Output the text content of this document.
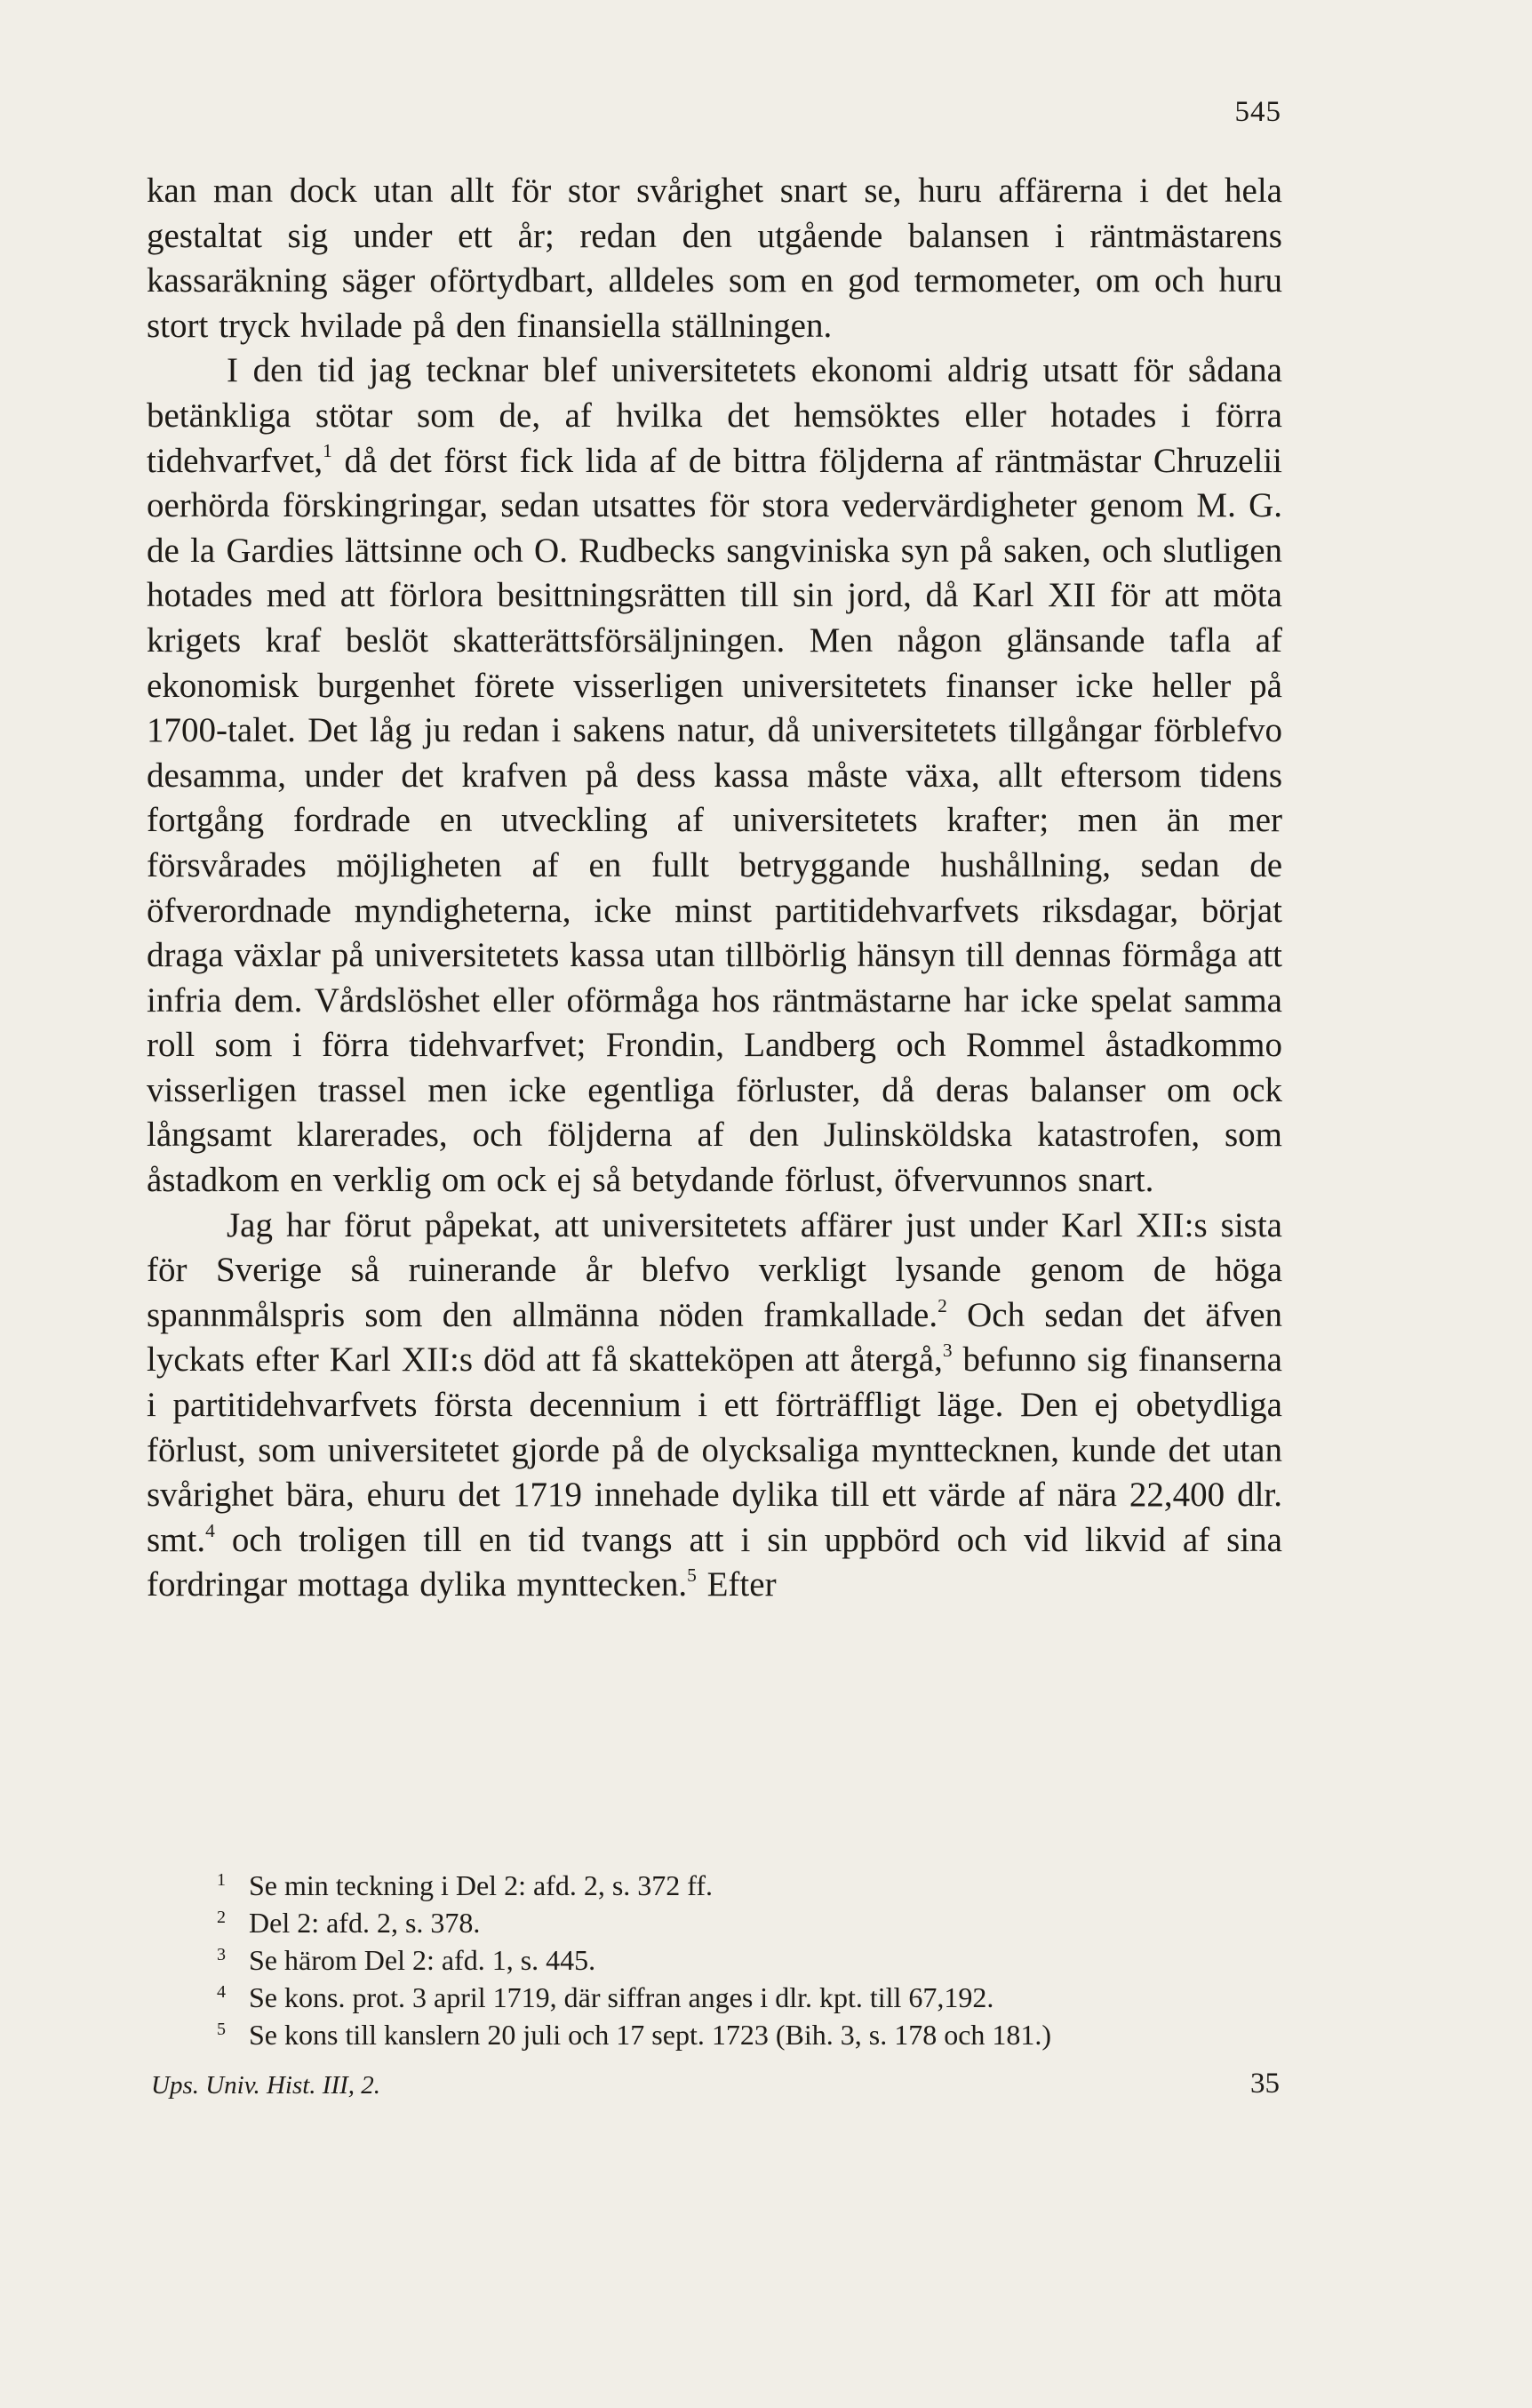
545

kan man dock utan allt för stor svårighet snart se, huru affärerna i det hela gestaltat sig under ett år; redan den utgående balansen i räntmästarens kassaräkning säger oförtydbart, alldeles som en god termometer, om och huru stort tryck hvilade på den finansiella ställningen.

I den tid jag tecknar blef universitetets ekonomi aldrig utsatt för sådana betänkliga stötar som de, af hvilka det hemsöktes eller hotades i förra tidehvarfvet,$^1$ då det först fick lida af de bittra följderna af räntmästar Chruzelii oerhörda förskingringar, sedan utsattes för stora vedervärdigheter genom M. G. de la Gardies lättsinne och O. Rudbecks sangviniska syn på saken, och slutligen hotades med att förlora besittningsrätten till sin jord, då Karl XII för att möta krigets kraf beslöt skatterättsförsäljningen. Men någon glänsande tafla af ekonomisk burgenhet förete visserligen universitetets finanser icke heller på 1700-talet. Det låg ju redan i sakens natur, då universitetets tillgångar förblefvo desamma, under det krafven på dess kassa måste växa, allt eftersom tidens fortgång fordrade en utveckling af universitetets krafter; men än mer försvårades möjligheten af en fullt betryggande hushållning, sedan de öfverordnade myndigheterna, icke minst partitidehvarfvets riksdagar, börjat draga växlar på universitetets kassa utan tillbörlig hänsyn till dennas förmåga att infria dem. Vårdslöshet eller oförmåga hos räntmästarne har icke spelat samma roll som i förra tidehvarfvet; Frondin, Landberg och Rommel åstadkommo visserligen trassel men icke egentliga förluster, då deras balanser om ock långsamt klarerades, och följderna af den Julinsköldska katastrofen, som åstadkom en verklig om ock ej så betydande förlust, öfvervunnos snart.

Jag har förut påpekat, att universitetets affärer just under Karl XII:s sista för Sverige så ruinerande år blefvo verkligt lysande genom de höga spannmålspris som den allmänna nöden framkallade.$^2$ Och sedan det äfven lyckats efter Karl XII:s död att få skatteköpen att återgå,$^3$ befunno sig finanserna i partitidehvarfvets första decennium i ett förträffligt läge. Den ej obetydliga förlust, som universitetet gjorde på de olycksaliga mynttecknen, kunde det utan svårighet bära, ehuru det 1719 innehade dylika till ett värde af nära 22,400 dlr. smt.$^4$ och troligen till en tid tvangs att i sin uppbörd och vid likvid af sina fordringar mottaga dylika mynttecken.$^5$ Efter

1 Se min teckning i Del 2: afd. 2, s. 372 ff.
2 Del 2: afd. 2, s. 378.
3 Se härom Del 2: afd. 1, s. 445.
4 Se kons. prot. 3 april 1719, där siffran anges i dlr. kpt. till 67,192.
5 Se kons till kanslern 20 juli och 17 sept. 1723 (Bih. 3, s. 178 och 181.)
Ups. Univ. Hist. III, 2.	35
